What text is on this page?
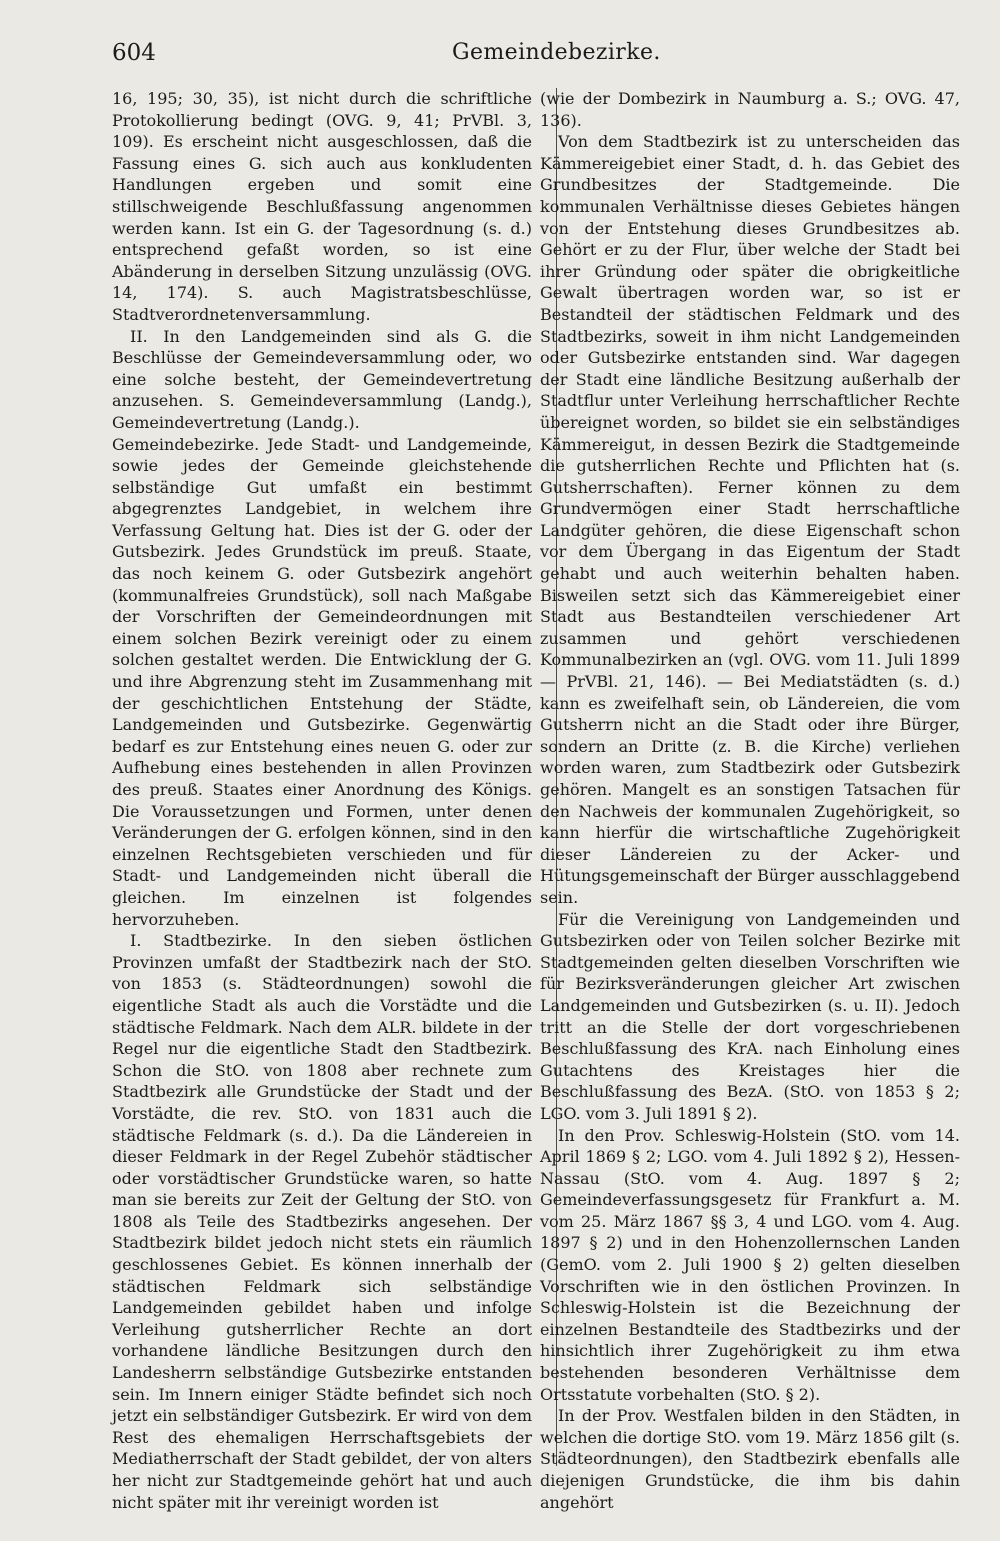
604	Gemeindebezirke.

16, 195; 30, 35), ist nicht durch die schriftliche Protokollierung bedingt (OVG. 9, 41; PrVBl. 3, 109). Es erscheint nicht ausgeschlossen, daß die Fassung eines G. sich auch aus konkludenten Handlungen ergeben und somit eine stillschweigende Beschlußfassung angenommen werden kann. Ist ein G. der Tagesordnung (s. d.) entsprechend gefaßt worden, so ist eine Abänderung in derselben Sitzung unzulässig (OVG. 14, 174). S. auch Magistratsbeschlüsse, Stadtverordnetenversammlung.

II. In den Landgemeinden sind als G. die Beschlüsse der Gemeindeversammlung oder, wo eine solche besteht, der Gemeindevertretung anzusehen. S. Gemeindeversammlung (Landg.), Gemeindevertretung (Landg.).

Gemeindebezirke. Jede Stadt- und Landgemeinde, sowie jedes der Gemeinde gleichstehende selbständige Gut umfaßt ein bestimmt abgegrenztes Landgebiet, in welchem ihre Verfassung Geltung hat. Dies ist der G. oder der Gutsbezirk. Jedes Grundstück im preuß. Staate, das noch keinem G. oder Gutsbezirk angehört (kommunalfreies Grundstück), soll nach Maßgabe der Vorschriften der Gemeindeordnungen mit einem solchen Bezirk vereinigt oder zu einem solchen gestaltet werden. Die Entwicklung der G. und ihre Abgrenzung steht im Zusammenhang mit der geschichtlichen Entstehung der Städte, Landgemeinden und Gutsbezirke. Gegenwärtig bedarf es zur Entstehung eines neuen G. oder zur Aufhebung eines bestehenden in allen Provinzen des preuß. Staates einer Anordnung des Königs. Die Voraussetzungen und Formen, unter denen Veränderungen der G. erfolgen können, sind in den einzelnen Rechtsgebieten verschieden und für Stadt- und Landgemeinden nicht überall die gleichen. Im einzelnen ist folgendes hervorzuheben.

I. Stadtbezirke. In den sieben östlichen Provinzen umfaßt der Stadtbezirk nach der StO. von 1853 (s. Städteordnungen) sowohl die eigentliche Stadt als auch die Vorstädte und die städtische Feldmark. Nach dem ALR. bildete in der Regel nur die eigentliche Stadt den Stadtbezirk. Schon die StO. von 1808 aber rechnete zum Stadtbezirk alle Grundstücke der Stadt und der Vorstädte, die rev. StO. von 1831 auch die städtische Feldmark (s. d.). Da die Ländereien in dieser Feldmark in der Regel Zubehör städtischer oder vorstädtischer Grundstücke waren, so hatte man sie bereits zur Zeit der Geltung der StO. von 1808 als Teile des Stadtbezirks angesehen. Der Stadtbezirk bildet jedoch nicht stets ein räumlich geschlossenes Gebiet. Es können innerhalb der städtischen Feldmark sich selbständige Landgemeinden gebildet haben und infolge Verleihung gutsherrlicher Rechte an dort vorhandene ländliche Besitzungen durch den Landesherrn selbständige Gutsbezirke entstanden sein. Im Innern einiger Städte befindet sich noch jetzt ein selbständiger Gutsbezirk. Er wird von dem Rest des ehemaligen Herrschaftsgebiets der Mediatherrschaft der Stadt gebildet, der von alters her nicht zur Stadtgemeinde gehört hat und auch nicht später mit ihr vereinigt worden ist

(wie der Dombezirk in Naumburg a. S.; OVG. 47, 136).

Von dem Stadtbezirk ist zu unterscheiden das Kämmereigebiet einer Stadt, d. h. das Gebiet des Grundbesitzes der Stadtgemeinde. Die kommunalen Verhältnisse dieses Gebietes hängen von der Entstehung dieses Grundbesitzes ab. Gehört er zu der Flur, über welche der Stadt bei ihrer Gründung oder später die obrigkeitliche Gewalt übertragen worden war, so ist er Bestandteil der städtischen Feldmark und des Stadtbezirks, soweit in ihm nicht Landgemeinden oder Gutsbezirke entstanden sind. War dagegen der Stadt eine ländliche Besitzung außerhalb der Stadtflur unter Verleihung herrschaftlicher Rechte übereignet worden, so bildet sie ein selbständiges Kämmereigut, in dessen Bezirk die Stadtgemeinde die gutsherrlichen Rechte und Pflichten hat (s. Gutsherrschaften). Ferner können zu dem Grundvermögen einer Stadt herrschaftliche Landgüter gehören, die diese Eigenschaft schon vor dem Übergang in das Eigentum der Stadt gehabt und auch weiterhin behalten haben. Bisweilen setzt sich das Kämmereigebiet einer Stadt aus Bestandteilen verschiedener Art zusammen und gehört verschiedenen Kommunalbezirken an (vgl. OVG. vom 11. Juli 1899 — PrVBl. 21, 146). — Bei Mediatstädten (s. d.) kann es zweifelhaft sein, ob Ländereien, die vom Gutsherrn nicht an die Stadt oder ihre Bürger, sondern an Dritte (z. B. die Kirche) verliehen worden waren, zum Stadtbezirk oder Gutsbezirk gehören. Mangelt es an sonstigen Tatsachen für den Nachweis der kommunalen Zugehörigkeit, so kann hierfür die wirtschaftliche Zugehörigkeit dieser Ländereien zu der Acker- und Hütungsgemeinschaft der Bürger ausschlaggebend sein.

Für die Vereinigung von Landgemeinden und Gutsbezirken oder von Teilen solcher Bezirke mit Stadtgemeinden gelten dieselben Vorschriften wie für Bezirksveränderungen gleicher Art zwischen Landgemeinden und Gutsbezirken (s. u. II). Jedoch tritt an die Stelle der dort vorgeschriebenen Beschlußfassung des KrA. nach Einholung eines Gutachtens des Kreistages hier die Beschlußfassung des BezA. (StO. von 1853 § 2; LGO. vom 3. Juli 1891 § 2).

In den Prov. Schleswig-Holstein (StO. vom 14. April 1869 § 2; LGO. vom 4. Juli 1892 § 2), Hessen-Nassau (StO. vom 4. Aug. 1897 § 2; Gemeindeverfassungsgesetz für Frankfurt a. M. vom 25. März 1867 §§ 3, 4 und LGO. vom 4. Aug. 1897 § 2) und in den Hohenzollernschen Landen (GemO. vom 2. Juli 1900 § 2) gelten dieselben Vorschriften wie in den östlichen Provinzen. In Schleswig-Holstein ist die Bezeichnung der einzelnen Bestandteile des Stadtbezirks und der hinsichtlich ihrer Zugehörigkeit zu ihm etwa bestehenden besonderen Verhältnisse dem Ortsstatute vorbehalten (StO. § 2).

In der Prov. Westfalen bilden in den Städten, in welchen die dortige StO. vom 19. März 1856 gilt (s. Städteordnungen), den Stadtbezirk ebenfalls alle diejenigen Grundstücke, die ihm bis dahin angehört
